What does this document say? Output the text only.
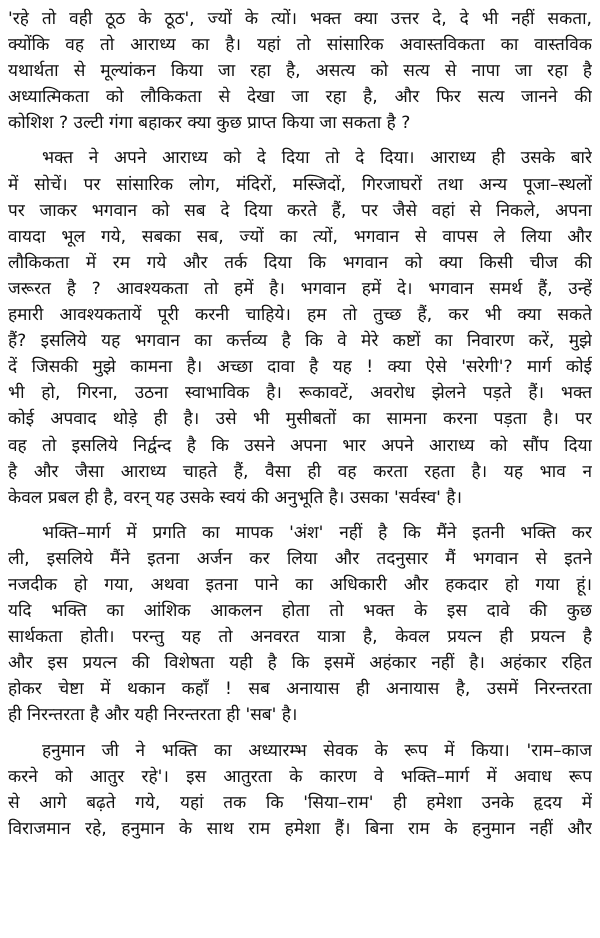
'रहे तो वही ठूठ के ठूठ', ज्यों के त्यों। भक्त क्या उत्तर दे, दे भी नहीं सकता,
क्योंकि वह तो आराध्य का है। यहां तो सांसारिक अवास्तविकता का वास्तविक
यथार्थता से मूल्यांकन किया जा रहा है, असत्य को सत्य से नापा जा रहा है
अध्यात्मिकता को लौकिकता से देखा जा रहा है, और फिर सत्य जानने की
कोशिश ? उल्टी गंगा बहाकर क्या कुछ प्राप्त किया जा सकता है ?
भक्त ने अपने आराध्य को दे दिया तो दे दिया। आराध्य ही उसके बारे
में सोचें। पर सांसारिक लोग, मंदिरों, मस्जिदों, गिरजाघरों तथा अन्य पूजा–स्थलों
पर जाकर भगवान को सब दे दिया करते हैं, पर जैसे वहां से निकले, अपना
वायदा भूल गये, सबका सब, ज्यों का त्यों, भगवान से वापस ले लिया और
लौकिकता में रम गये और तर्क दिया कि भगवान को क्या किसी चीज की
जरूरत है ? आवश्यकता तो हमें है। भगवान हमें दे। भगवान समर्थ हैं, उन्हें
हमारी आवश्यकतायें पूरी करनी चाहिये। हम तो तुच्छ हैं, कर भी क्या सकते
हैं? इसलिये यह भगवान का कर्त्तव्य है कि वे मेरे कष्टों का निवारण करें, मुझे
दें जिसकी मुझे कामना है। अच्छा दावा है यह ! क्या ऐसे 'सरेगी'? मार्ग कोई
भी हो, गिरना, उठना स्वाभाविक है। रूकावटें, अवरोध झेलने पड़ते हैं। भक्त
कोई अपवाद थोड़े ही है। उसे भी मुसीबतों का सामना करना पड़ता है। पर
वह तो इसलिये निर्द्वन्द है कि उसने अपना भार अपने आराध्य को सौंप दिया
है और जैसा आराध्य चाहते हैं, वैसा ही वह करता रहता है। यह भाव न
केवल प्रबल ही है, वरन् यह उसके स्वयं की अनुभूति है। उसका 'सर्वस्व' है।
भक्ति–मार्ग में प्रगति का मापक 'अंश' नहीं है कि मैंने इतनी भक्ति कर
ली, इसलिये मैंने इतना अर्जन कर लिया और तदनुसार मैं भगवान से इतने
नजदीक हो गया, अथवा इतना पाने का अधिकारी और हकदार हो गया हूं।
यदि भक्ति का आंशिक आकलन होता तो भक्त के इस दावे की कुछ
सार्थकता होती। परन्तु यह तो अनवरत यात्रा है, केवल प्रयत्न ही प्रयत्न है
और इस प्रयत्न की विशेषता यही है कि इसमें अहंकार नहीं है। अहंकार रहित
होकर चेष्टा में थकान कहाँ ! सब अनायास ही अनायास है, उसमें निरन्तरता
ही निरन्तरता है और यही निरन्तरता ही 'सब' है।
हनुमान जी ने भक्ति का अध्यारम्भ सेवक के रूप में किया। 'राम–काज
करने को आतुर रहे'। इस आतुरता के कारण वे भक्ति–मार्ग में अवाध रूप
से आगे बढ़ते गये, यहां तक कि 'सिया–राम' ही हमेशा उनके हृदय में
विराजमान रहे, हनुमान के साथ राम हमेशा हैं। बिना राम के हनुमान नहीं और
